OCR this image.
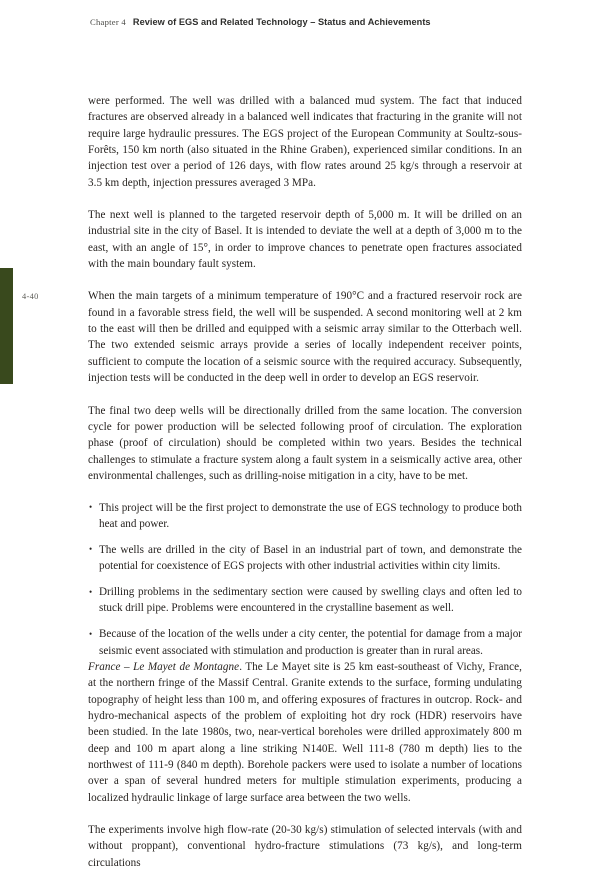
4-40
Chapter 4 Review of EGS and Related Technology – Status and Achievements

were performed. The well was drilled with a balanced mud system. The fact that induced fractures are observed already in a balanced well indicates that fracturing in the granite will not require large hydraulic pressures. The EGS project of the European Community at Soultz-sous-Forêts, 150 km north (also situated in the Rhine Graben), experienced similar conditions. In an injection test over a period of 126 days, with flow rates around 25 kg/s through a reservoir at 3.5 km depth, injection pressures averaged 3 MPa.

The next well is planned to the targeted reservoir depth of 5,000 m. It will be drilled on an industrial site in the city of Basel. It is intended to deviate the well at a depth of 3,000 m to the east, with an angle of 15°, in order to improve chances to penetrate open fractures associated with the main boundary fault system.

When the main targets of a minimum temperature of 190°C and a fractured reservoir rock are found in a favorable stress field, the well will be suspended. A second monitoring well at 2 km to the east will then be drilled and equipped with a seismic array similar to the Otterbach well. The two extended seismic arrays provide a series of locally independent receiver points, sufficient to compute the location of a seismic source with the required accuracy. Subsequently, injection tests will be conducted in the deep well in order to develop an EGS reservoir.

The final two deep wells will be directionally drilled from the same location. The conversion cycle for power production will be selected following proof of circulation. The exploration phase (proof of circulation) should be completed within two years. Besides the technical challenges to stimulate a fracture system along a fault system in a seismically active area, other environmental challenges, such as drilling-noise mitigation in a city, have to be met.

• This project will be the first project to demonstrate the use of EGS technology to produce both heat and power.
• The wells are drilled in the city of Basel in an industrial part of town, and demonstrate the potential for coexistence of EGS projects with other industrial activities within city limits.
• Drilling problems in the sedimentary section were caused by swelling clays and often led to stuck drill pipe. Problems were encountered in the crystalline basement as well.
• Because of the location of the wells under a city center, the potential for damage from a major seismic event associated with stimulation and production is greater than in rural areas.

France – Le Mayet de Montagne. The Le Mayet site is 25 km east-southeast of Vichy, France, at the northern fringe of the Massif Central. Granite extends to the surface, forming undulating topography of height less than 100 m, and offering exposures of fractures in outcrop. Rock- and hydro-mechanical aspects of the problem of exploiting hot dry rock (HDR) reservoirs have been studied. In the late 1980s, two, near-vertical boreholes were drilled approximately 800 m deep and 100 m apart along a line striking N140E. Well 111-8 (780 m depth) lies to the northwest of 111-9 (840 m depth). Borehole packers were used to isolate a number of locations over a span of several hundred meters for multiple stimulation experiments, producing a localized hydraulic linkage of large surface area between the two wells.

The experiments involve high flow-rate (20-30 kg/s) stimulation of selected intervals (with and without proppant), conventional hydro-fracture stimulations (73 kg/s), and long-term circulations
